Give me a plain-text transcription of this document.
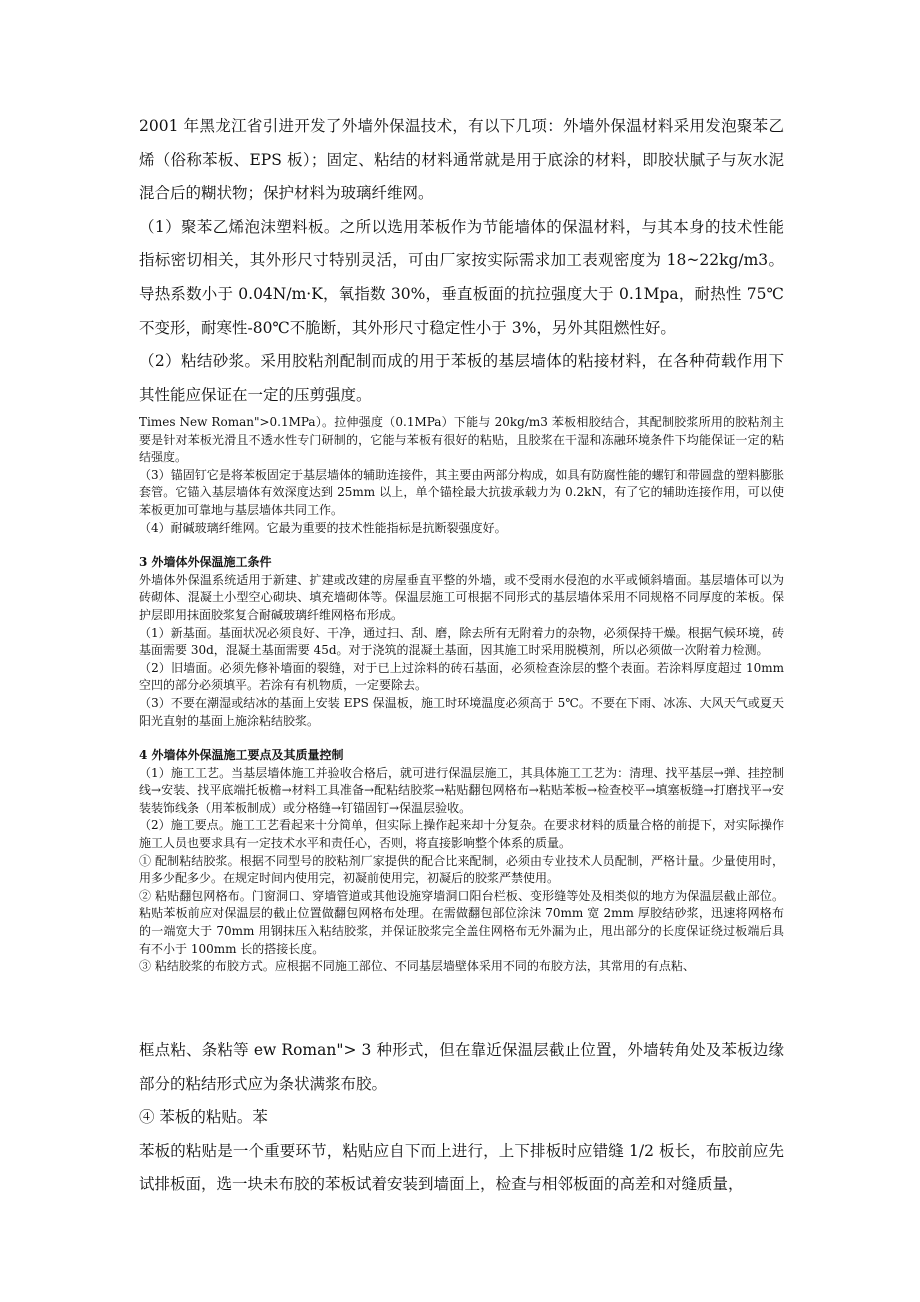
2001 年黑龙江省引进开发了外墙外保温技术，有以下几项：外墙外保温材料采用发泡聚苯乙烯（俗称苯板、EPS 板）；固定、粘结的材料通常就是用于底涂的材料，即胶状腻子与灰水泥混合后的糊状物；保护材料为玻璃纤维网。

（1）聚苯乙烯泡沫塑料板。之所以选用苯板作为节能墙体的保温材料，与其本身的技术性能指标密切相关，其外形尺寸特别灵活，可由厂家按实际需求加工表观密度为 18~22kg/m3。导热系数小于 0.04N/m·K，氧指数 30%，垂直板面的抗拉强度大于 0.1Mpa，耐热性 75℃不变形，耐寒性-80℃不脆断，其外形尺寸稳定性小于 3%，另外其阻燃性好。

（2）粘结砂浆。采用胶粘剂配制而成的用于苯板的基层墙体的粘接材料，在各种荷载作用下其性能应保证在一定的压剪强度。

Times New Roman">0.1MPa）。拉伸强度（0.1MPa）下能与 20kg/m3 苯板相胶结合，其配制胶浆所用的胶粘剂主要是针对苯板光滑且不透水性专门研制的，它能与苯板有很好的粘贴，且胶浆在干湿和冻融环境条件下均能保证一定的粘结强度。

（3）锚固钉它是将苯板固定于基层墙体的辅助连接件，其主要由两部分构成，如具有防腐性能的螺钉和带圆盘的塑料膨胀套管。它锚入基层墙体有效深度达到 25mm 以上，单个锚栓最大抗拔承载力为 0.2kN，有了它的辅助连接作用，可以使苯板更加可靠地与基层墙体共同工作。

（4）耐碱玻璃纤维网。它最为重要的技术性能指标是抗断裂强度好。

3 外墙体外保温施工条件

外墙体外保温系统适用于新建、扩建或改建的房屋垂直平整的外墙，或不受雨水侵泡的水平或倾斜墙面。基层墙体可以为砖砌体、混凝土小型空心砌块、填充墙砌体等。保温层施工可根据不同形式的基层墙体采用不同规格不同厚度的苯板。保护层即用抹面胶浆复合耐碱玻璃纤维网格布形成。

（1）新基面。基面状况必须良好、干净，通过扫、刮、磨，除去所有无附着力的杂物，必须保持干燥。根据气候环境，砖基面需要 30d，混凝土基面需要 45d。对于浇筑的混凝土基面，因其施工时采用脱模剂，所以必须做一次附着力检测。

（2）旧墙面。必须先修补墙面的裂缝，对于已上过涂料的砖石基面，必须检查涂层的整个表面。若涂料厚度超过 10mm 空凹的部分必须填平。若涂有有机物质，一定要除去。

（3）不要在潮湿或结冰的基面上安装 EPS 保温板，施工时环境温度必须高于 5℃。不要在下雨、冰冻、大风天气或夏天阳光直射的基面上施涂粘结胶浆。

4 外墙体外保温施工要点及其质量控制

（1）施工工艺。当基层墙体施工并验收合格后，就可进行保温层施工，其具体施工工艺为：清理、找平基层→弹、挂控制线→安装、找平底端托板檐→材料工具准备→配粘结胶浆→粘贴翻包网格布→粘贴苯板→检查校平→填塞板缝→打磨找平→安装装饰线条（用苯板制成）或分格缝→钉锚固钉→保温层验收。

（2）施工要点。施工工艺看起来十分简单，但实际上操作起来却十分复杂。在要求材料的质量合格的前提下，对实际操作施工人员也要求具有一定技术水平和责任心，否则，将直接影响整个体系的质量。

① 配制粘结胶浆。根据不同型号的胶粘剂厂家提供的配合比来配制，必须由专业技术人员配制，严格计量。少量使用时，用多少配多少。在规定时间内使用完，初凝前使用完，初凝后的胶浆严禁使用。

② 粘贴翻包网格布。门窗洞口、穿墙管道或其他设施穿墙洞口阳台栏板、变形缝等处及相类似的地方为保温层截止部位。粘贴苯板前应对保温层的截止位置做翻包网格布处理。在需做翻包部位涂沫 70mm 宽 2mm 厚胶结砂浆，迅速将网格布的一端宽大于 70mm 用钢抹压入粘结胶浆，并保证胶浆完全盖住网格布无外漏为止，甩出部分的长度保证绕过板端后具有不小于 100mm 长的搭接长度。

③ 粘结胶浆的布胶方式。应根据不同施工部位、不同基层墙壁体采用不同的布胶方法，其常用的有点粘、

框点粘、条粘等 ew Roman"> 3 种形式，但在靠近保温层截止位置，外墙转角处及苯板边缘部分的粘结形式应为条状满浆布胶。

④ 苯板的粘贴。苯

苯板的粘贴是一个重要环节，粘贴应自下而上进行，上下排板时应错缝 1/2 板长，布胶前应先试排板面，选一块未布胶的苯板试着安装到墙面上，检查与相邻板面的高差和对缝质量，
